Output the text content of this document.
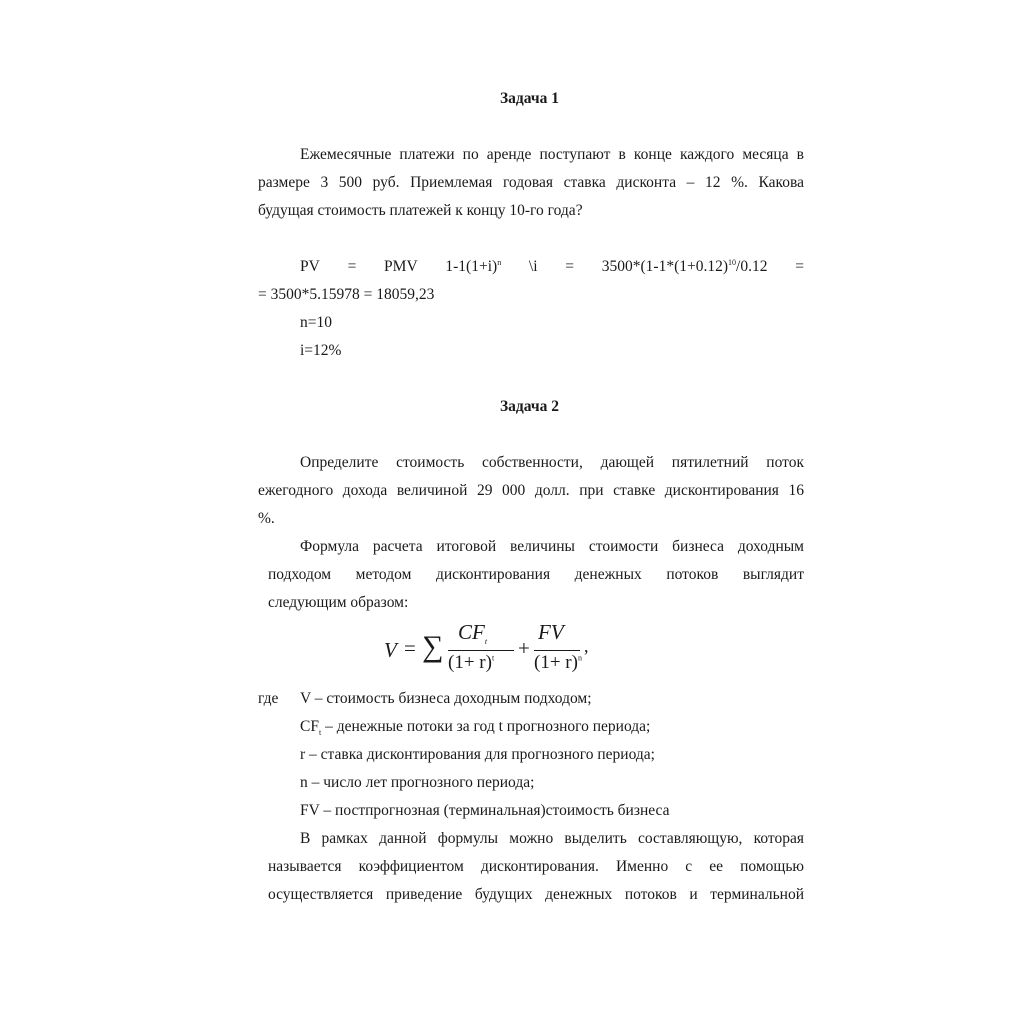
Задача 1
Ежемесячные платежи по аренде поступают в конце каждого месяца в
размере 3 500 руб. Приемлемая годовая ставка дисконта – 12 %. Какова
будущая стоимость платежей к концу 10-го года?
PV = PMV $1-1(1+i)^n$ \i = $3500*(1-1*(1+0.12)^{10}/0.12$ =
= 3500*5.15978 = 18059,23
n=10
i=12%
Задача 2
Определите стоимость собственности, дающей пятилетний поток
ежегодного дохода величиной 29 000 долл. при ставке дисконтирования 16
%.
Формула расчета итоговой величины стоимости бизнеса доходным
подходом методом дисконтирования денежных потоков выглядит
следующим образом:
V = ∑ $CF_t$
$(1+ r)^t$ +
FV
$(1+ r)^n$
,
где V – стоимость бизнеса доходным подходом;
$CF_t$ – денежные потоки за год t прогнозного периода;
r – ставка дисконтирования для прогнозного периода;
n – число лет прогнозного периода;
FV – постпрогнозная (терминальная)стоимость бизнеса
В рамках данной формулы можно выделить составляющую, которая
называется коэффициентом дисконтирования. Именно с ее помощью
осуществляется приведение будущих денежных потоков и терминальной
